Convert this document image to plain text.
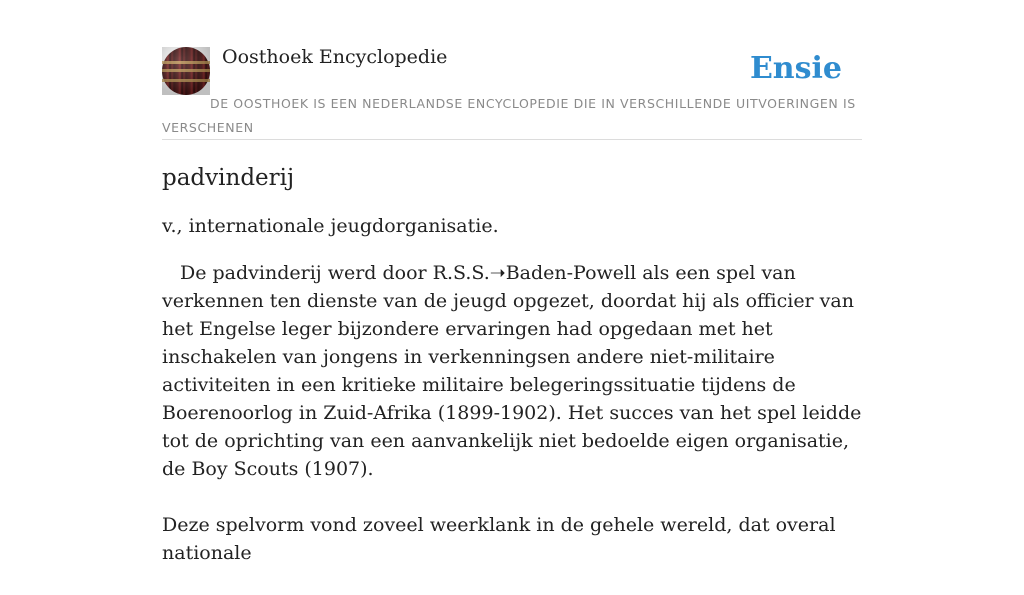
Oosthoek Encyclopedie	Ensie
DE OOSTHOEK IS EEN NEDERLANDSE ENCYCLOPEDIE DIE IN VERSCHILLENDE UITVOERINGEN IS VERSCHENEN
padvinderij

v., internationale jeugdorganisatie.

De padvinderij werd door R.S.S.➝Baden-Powell als een spel van verkennen ten dienste van de jeugd opgezet, doordat hij als officier van het Engelse leger bijzondere ervaringen had opgedaan met het inschakelen van jongens in verkenningsen andere niet-militaire activiteiten in een kritieke militaire belegeringssituatie tijdens de Boerenoorlog in Zuid-Afrika (1899-1902). Het succes van het spel leidde tot de oprichting van een aanvankelijk niet bedoelde eigen organisatie, de Boy Scouts (1907).

Deze spelvorm vond zoveel weerklank in de gehele wereld, dat overal nationale
